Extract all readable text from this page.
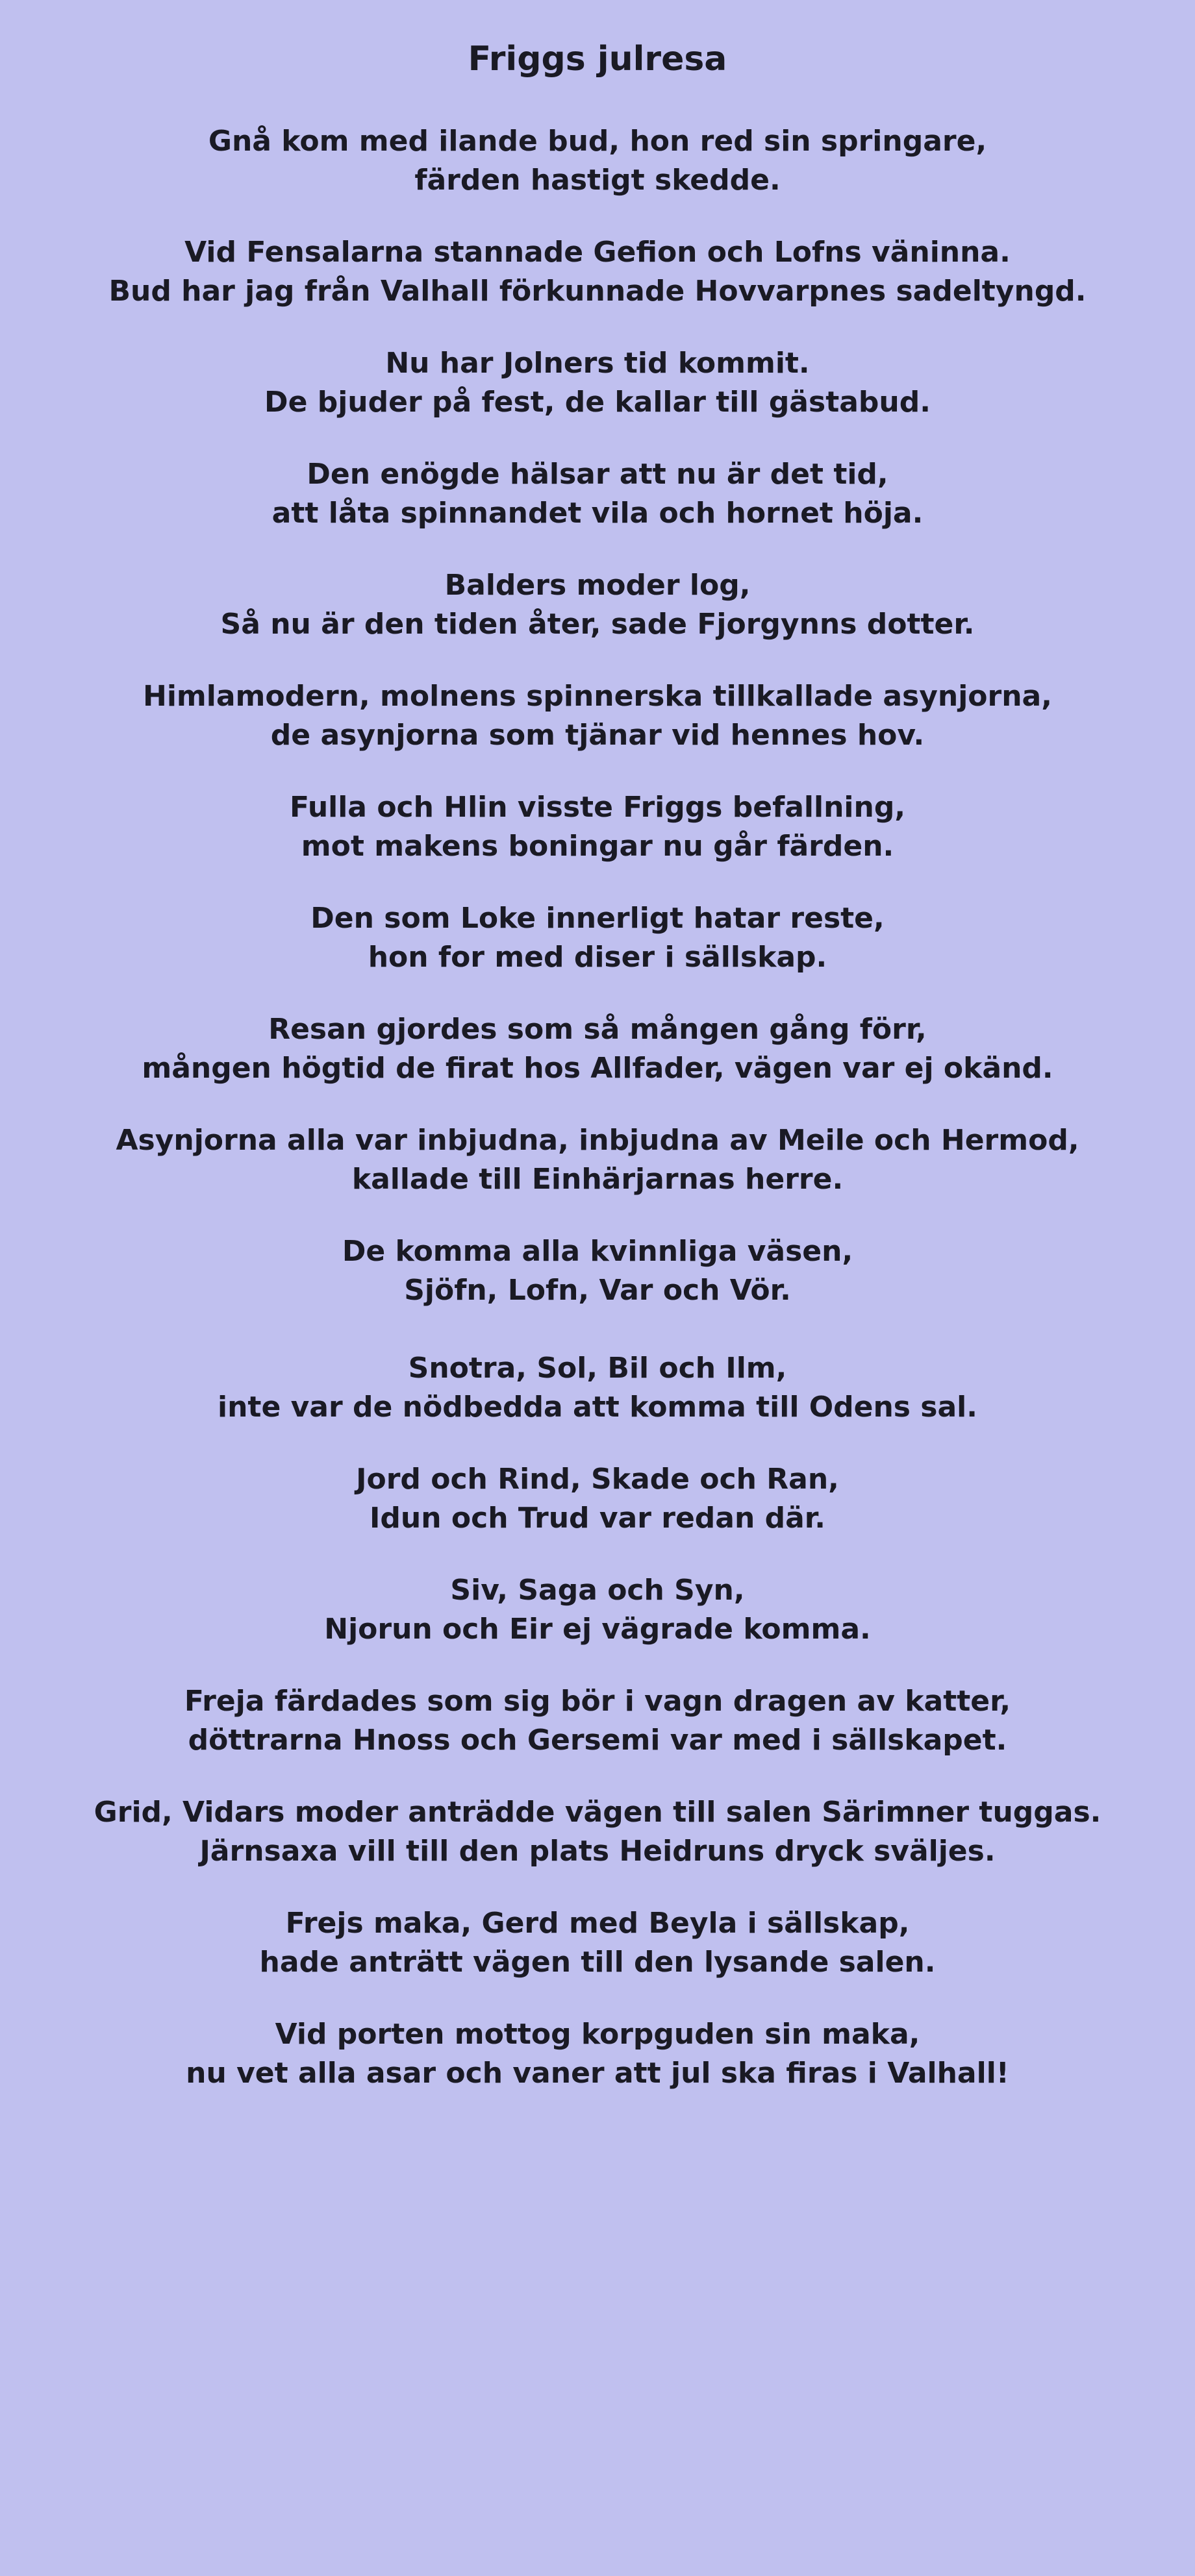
Friggs julresa
Gnå kom med ilande bud, hon red sin springare,
färden hastigt skedde.
Vid Fensalarna stannade Gefion och Lofns väninna.
Bud har jag från Valhall förkunnade Hovvarpnes sadeltyngd.
Nu har Jolners tid kommit.
De bjuder på fest, de kallar till gästabud.
Den enögde hälsar att nu är det tid,
att låta spinnandet vila och hornet höja.
Balders moder log,
Så nu är den tiden åter, sade Fjorgynns dotter.
Himlamodern, molnens spinnerska tillkallade asynjorna,
de asynjorna som tjänar vid hennes hov.
Fulla och Hlin visste Friggs befallning,
mot makens boningar nu går färden.
Den som Loke innerligt hatar reste,
hon for med diser i sällskap.
Resan gjordes som så mången gång förr,
mången högtid de firat hos Allfader, vägen var ej okänd.
Asynjorna alla var inbjudna, inbjudna av Meile och Hermod,
kallade till Einhärjarnas herre.
De komma alla kvinnliga väsen,
Sjöfn, Lofn, Var och Vör.
Snotra, Sol, Bil och Ilm,
inte var de nödbedda att komma till Odens sal.
Jord och Rind, Skade och Ran,
Idun och Trud var redan där.
Siv, Saga och Syn,
Njorun och Eir ej vägrade komma.
Freja färdades som sig bör i vagn dragen av katter,
döttrarna Hnoss och Gersemi var med i sällskapet.
Grid, Vidars moder anträdde vägen till salen Särimner tuggas.
Järnsaxa vill till den plats Heidruns dryck sväljes.
Frejs maka, Gerd med Beyla i sällskap,
hade anträtt vägen till den lysande salen.
Vid porten mottog korpguden sin maka,
nu vet alla asar och vaner att jul ska firas i Valhall!
